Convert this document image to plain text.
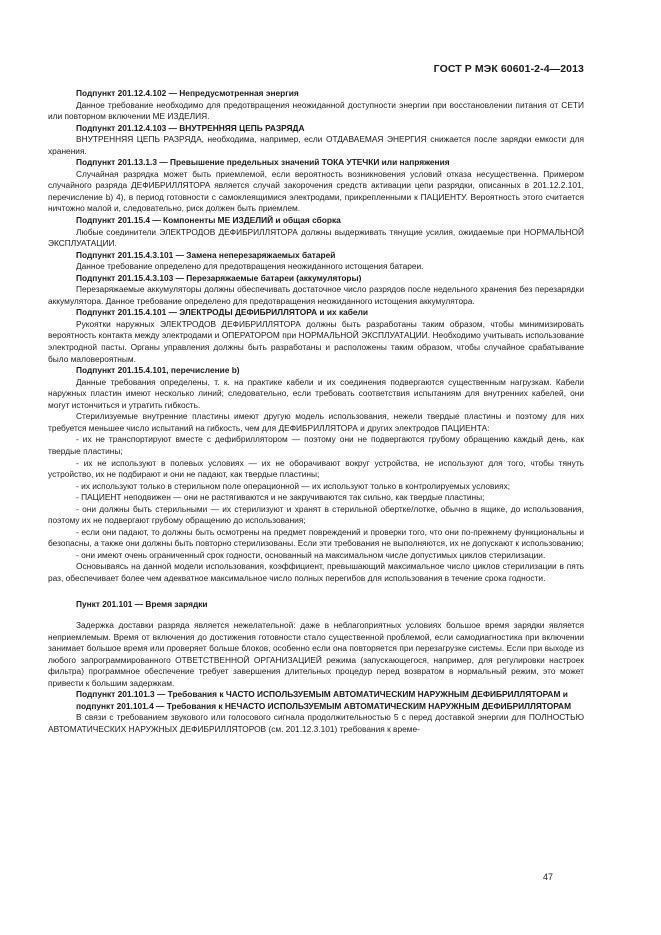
ГОСТ Р МЭК 60601-2-4—2013

Подпункт 201.12.4.102 — Непредусмотренная энергия

Данное требование необходимо для предотвращения неожиданной доступности энергии при восстановлении питания от СЕТИ или повторном включении МЕ ИЗДЕЛИЯ.

Подпункт 201.12.4.103 — ВНУТРЕННЯЯ ЦЕПЬ РАЗРЯДА

ВНУТРЕННЯЯ ЦЕПЬ РАЗРЯДА, необходима, например, если ОТДАВАЕМАЯ ЭНЕРГИЯ снижается после зарядки емкости для хранения.

Подпункт 201.13.1.3 — Превышение предельных значений ТОКА УТЕЧКИ или напряжения

Случайная разрядка может быть приемлемой, если вероятность возникновения условий отказа несущественна. Примером случайного разряда ДЕФИБРИЛЛЯТОРА является случай закорочения средств активации цепи разрядки, описанных в 201.12.2.101, перечисление b) 4), в период готовности с самоклеящимися электродами, прикрепленными к ПАЦИЕНТУ. Вероятность этого считается ничтожно малой и, следовательно, риск должен быть приемлем.

Подпункт 201.15.4 — Компоненты МЕ ИЗДЕЛИЙ и общая сборка

Любые соединители ЭЛЕКТРОДОВ ДЕФИБРИЛЛЯТОРА должны выдерживать тянущие усилия, ожидаемые при НОРМАЛЬНОЙ ЭКСПЛУАТАЦИИ.

Подпункт 201.15.4.3.101 — Замена неперезаряжаемых батарей

Данное требование определено для предотвращения неожиданного истощения батареи.

Подпункт 201.15.4.3.103 — Перезаряжаемые батареи (аккумуляторы)

Перезаряжаемые аккумуляторы должны обеспечивать достаточное число разрядов после недельного хранения без перезарядки аккумулятора. Данное требование определено для предотвращения неожиданного истощения аккумулятора.

Подпункт 201.15.4.101 — ЭЛЕКТРОДЫ ДЕФИБРИЛЛЯТОРА и их кабели

Рукоятки наружных ЭЛЕКТРОДОВ ДЕФИБРИЛЛЯТОРА должны быть разработаны таким образом, чтобы минимизировать вероятность контакта между электродами и ОПЕРАТОРОМ при НОРМАЛЬНОЙ ЭКСПЛУАТАЦИИ. Необходимо учитывать использование электродной пасты. Органы управления должны быть разработаны и расположены таким образом, чтобы случайное срабатывание было маловероятным.

Подпункт 201.15.4.101, перечисление b)

Данные требования определены, т. к. на практике кабели и их соединения подвергаются существенным нагрузкам. Кабели наружных пластин имеют несколько линий; следовательно, если требовать соответствия испытаниям для внутренних кабелей, они могут истончиться и утратить гибкость.

Стерилизуемые внутренние пластины имеют другую модель использования, нежели твердые пластины и поэтому для них требуется меньшее число испытаний на гибкость, чем для ДЕФИБРИЛЛЯТОРА и других электродов ПАЦИЕНТА:

- их не транспортируют вместе с дефибриллятором — поэтому они не подвергаются грубому обращению каждый день, как твердые пластины;

- их не используют в полевых условиях — их не оборачивают вокруг устройства, не используют для того, чтобы тянуть устройство, их не подбирают и они не падают, как твердые пластины;

- их используют только в стерильном поле операционной — их используют только в контролируемых условиях;

- ПАЦИЕНТ неподвижен — они не растягиваются и не закручиваются так сильно, как твердые пластины;

- они должны быть стерильными — их стерилизуют и хранят в стерильной обертке/лотке, обычно в ящике, до использования, поэтому их не подвергают грубому обращению до использования;

- если они падают, то должны быть осмотрены на предмет повреждений и проверки того, что они по-прежнему функциональны и безопасны, а также они должны быть повторно стерилизованы. Если эти требования не выполняются, их не допускают к использованию;

- они имеют очень ограниченный срок годности, основанный на максимальном числе допустимых циклов стерилизации.

Основываясь на данной модели использования, коэффициент, превышающий максимальное число циклов стерилизации в пять раз, обеспечивает более чем адекватное максимальное число полных перегибов для использования в течение срока годности.

Пункт 201.101 — Время зарядки

Задержка доставки разряда является нежелательной: даже в неблагоприятных условиях большое время зарядки является неприемлемым. Время от включения до достижения готовности стало существенной проблемой, если самодиагностика при включении занимает большое время или проверяет больше блоков, особенно если она повторяется при перезагрузке системы. Если при выходе из любого запрограммированного ОТВЕТСТВЕННОЙ ОРГАНИЗАЦИЕЙ режима (запускающегося, например, для регулировки настроек фильтра) программное обеспечение требует завершения длительных процедур перед возвратом в нормальный режим, это может привести к большим задержкам.

Подпункт 201.101.3 — Требования к ЧАСТО ИСПОЛЬЗУЕМЫМ АВТОМАТИЧЕСКИМ НАРУЖНЫМ ДЕФИБРИЛЛЯТОРАМ и подпункт 201.101.4 — Требования к НЕЧАСТО ИСПОЛЬЗУЕМЫМ АВТОМАТИЧЕСКИМ НАРУЖНЫМ ДЕФИБРИЛЛЯТОРАМ

В связи с требованием звукового или голосового сигнала продолжительностью 5 с перед доставкой энергии для ПОЛНОСТЬЮ АВТОМАТИЧЕСКИХ НАРУЖНЫХ ДЕФИБРИЛЛЯТОРОВ (см. 201.12.3.101) требования к време-

47
